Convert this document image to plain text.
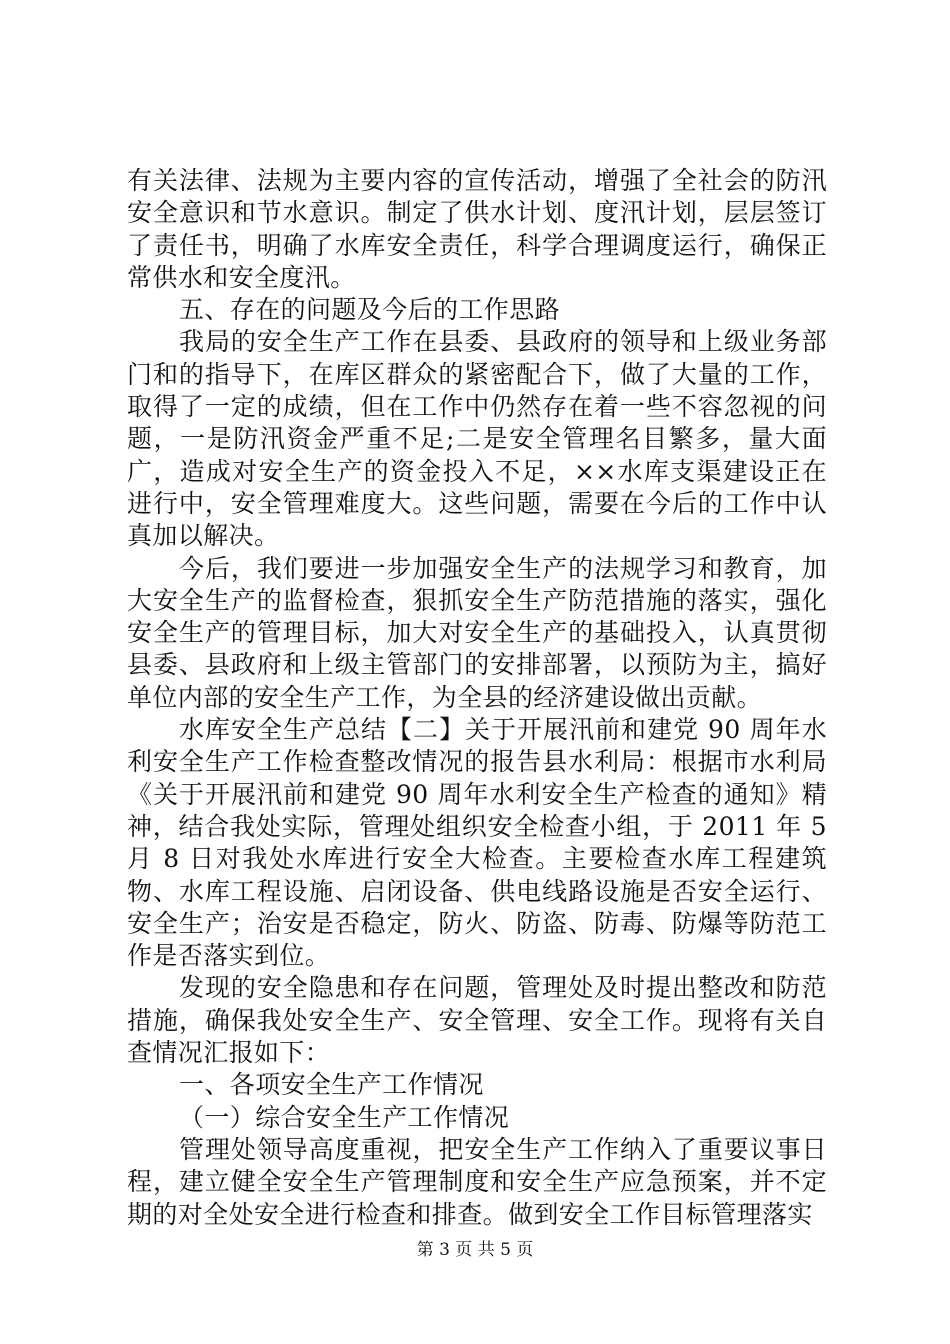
有关法律、法规为主要内容的宣传活动，增强了全社会的防汛安全意识和节水意识。制定了供水计划、度汛计划，层层签订了责任书，明确了水库安全责任，科学合理调度运行，确保正常供水和安全度汛。

五、存在的问题及今后的工作思路

我局的安全生产工作在县委、县政府的领导和上级业务部门和的指导下，在库区群众的紧密配合下，做了大量的工作，取得了一定的成绩，但在工作中仍然存在着一些不容忽视的问题，一是防汛资金严重不足;二是安全管理名目繁多，量大面广，造成对安全生产的资金投入不足，××水库支渠建设正在进行中，安全管理难度大。这些问题，需要在今后的工作中认真加以解决。

今后，我们要进一步加强安全生产的法规学习和教育，加大安全生产的监督检查，狠抓安全生产防范措施的落实，强化安全生产的管理目标，加大对安全生产的基础投入，认真贯彻县委、县政府和上级主管部门的安排部署，以预防为主，搞好单位内部的安全生产工作，为全县的经济建设做出贡献。

水库安全生产总结【二】关于开展汛前和建党 90 周年水利安全生产工作检查整改情况的报告县水利局：根据市水利局《关于开展汛前和建党 90 周年水利安全生产检查的通知》精神，结合我处实际，管理处组织安全检查小组，于 2011 年 5 月 8 日对我处水库进行安全大检查。主要检查水库工程建筑物、水库工程设施、启闭设备、供电线路设施是否安全运行、安全生产；治安是否稳定，防火、防盗、防毒、防爆等防范工作是否落实到位。

发现的安全隐患和存在问题，管理处及时提出整改和防范措施，确保我处安全生产、安全管理、安全工作。现将有关自查情况汇报如下：

一、各项安全生产工作情况

（一）综合安全生产工作情况

管理处领导高度重视，把安全生产工作纳入了重要议事日程，建立健全安全生产管理制度和安全生产应急预案，并不定期的对全处安全进行检查和排查。做到安全工作目标管理落实

第 3 页 共 5 页
